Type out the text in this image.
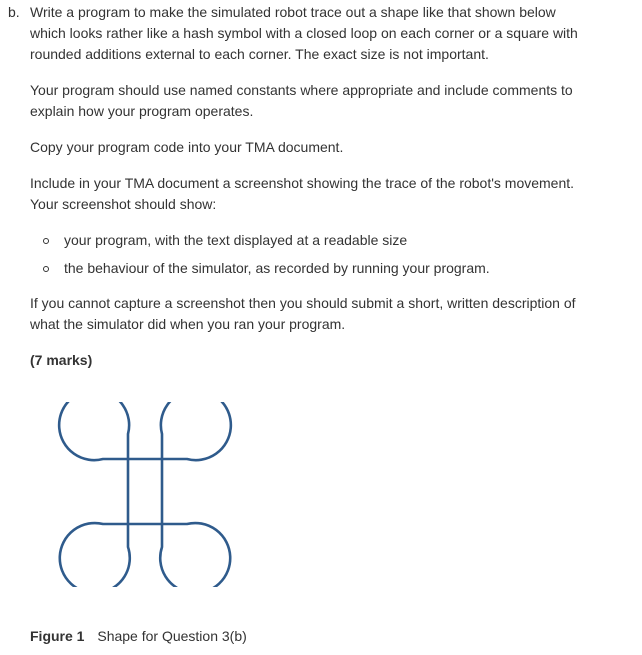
b. Write a program to make the simulated robot trace out a shape like that shown below which looks rather like a hash symbol with a closed loop on each corner or a square with rounded additions external to each corner. The exact size is not important.

Your program should use named constants where appropriate and include comments to explain how your program operates.

Copy your program code into your TMA document.

Include in your TMA document a screenshot showing the trace of the robot's movement. Your screenshot should show:

your program, with the text displayed at a readable size
the behaviour of the simulator, as recorded by running your program.

If you cannot capture a screenshot then you should submit a short, written description of what the simulator did when you ran your program.

(7 marks)

Figure 1 Shape for Question 3(b)
